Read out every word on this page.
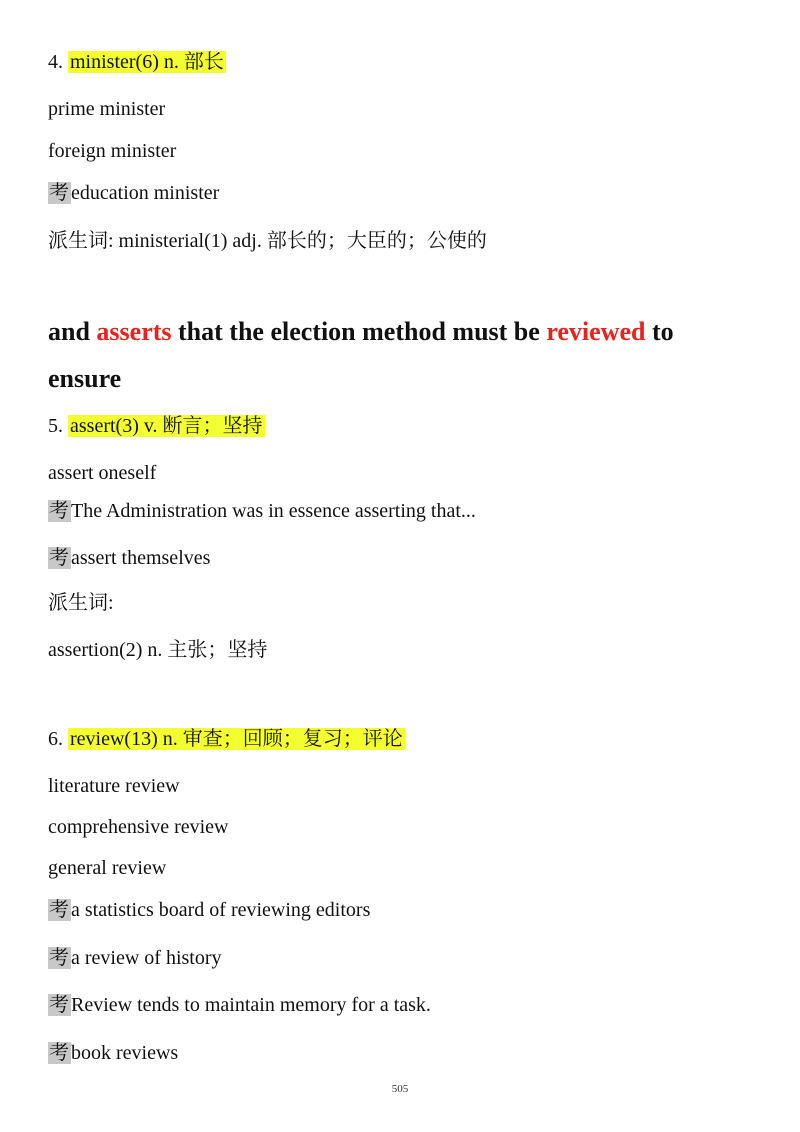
4. minister(6) n. 部长
prime minister
foreign minister
考 education minister
派生词: ministerial(1) adj. 部长的；大臣的；公使的
and asserts that the election method must be reviewed to ensure
5. assert(3) v. 断言；坚持
assert oneself
考 The Administration was in essence asserting that...
考 assert themselves
派生词:
assertion(2) n. 主张；坚持
6. review(13) n. 审查；回顾；复习；评论
literature review
comprehensive review
general review
考 a statistics board of reviewing editors
考 a review of history
考 Review tends to maintain memory for a task.
考 book reviews
505
